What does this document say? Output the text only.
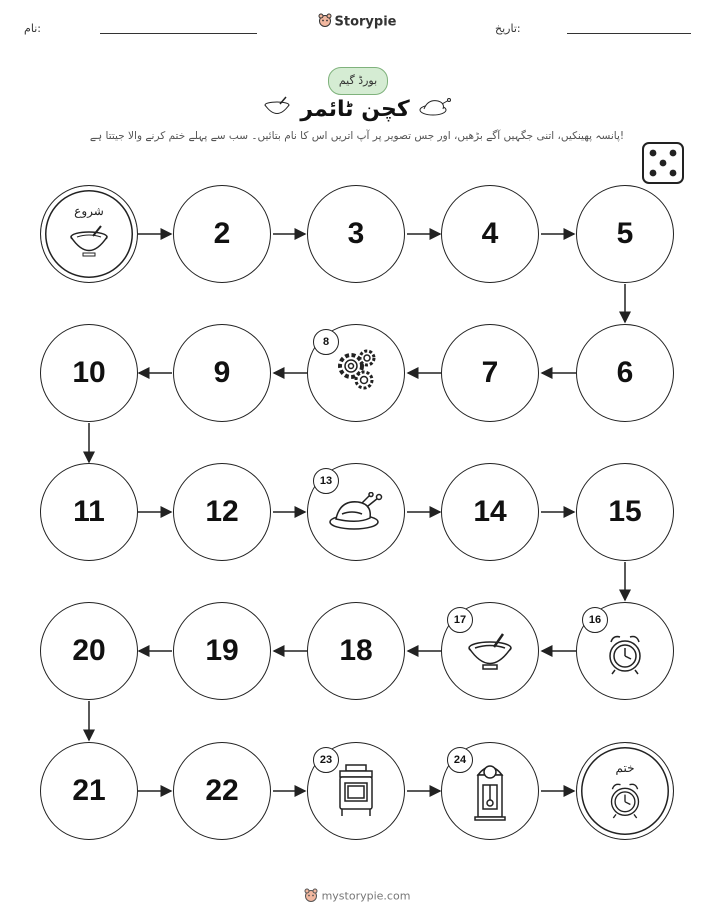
نام:	تاریخ:
Storypie
بورڈ گیم
کچن ٹائمر
پانسہ پھینکیں، اتنی جگہیں آگے بڑھیں، اور جس تصویر پر آپ اتریں اس کا نام بتائیں۔ سب سے پہلے ختم کرنے والا جیتتا ہے!
شروع
2	3	4	5
10	9
8
7	6
11	12
13
14	15
20	19	18
17	16
21	22
23	24
ختم
mystorypie.com
